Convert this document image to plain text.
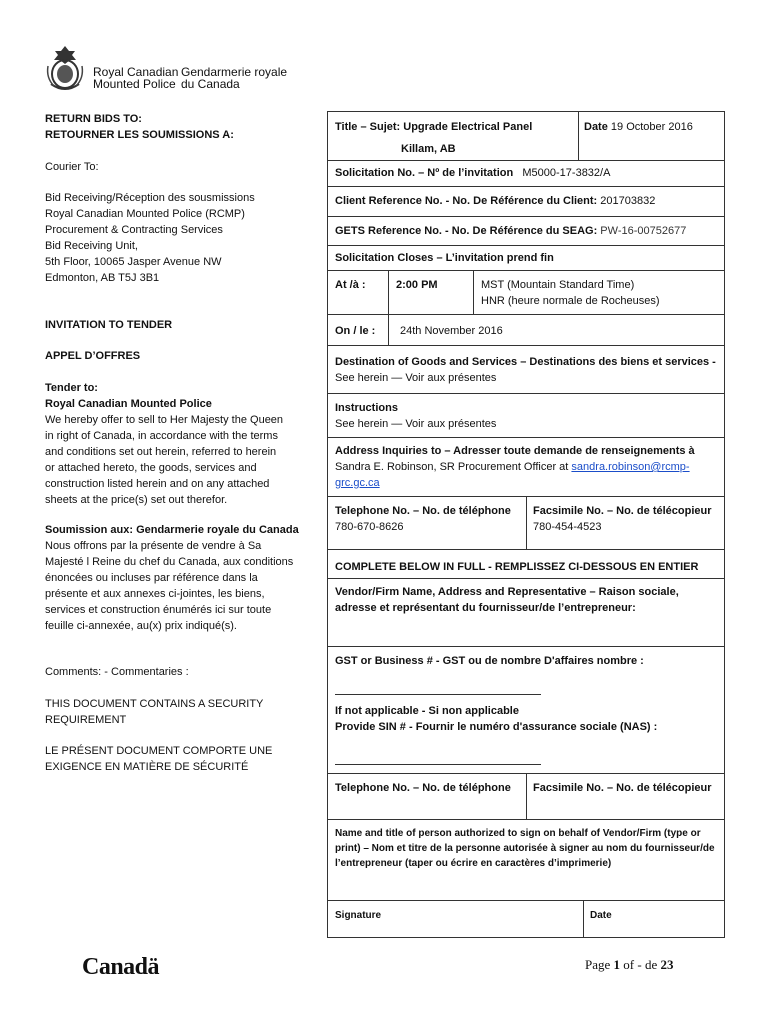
Royal Canadian
Mounted Police
Gendarmerie royale
du Canada
RETURN BIDS TO:
RETOURNER LES SOUMISSIONS A:
Courier To:
Bid Receiving/Réception des sousmissions
Royal Canadian Mounted Police (RCMP)
Procurement & Contracting Services
Bid Receiving Unit,
5th Floor, 10065 Jasper Avenue NW
Edmonton, AB T5J 3B1
INVITATION TO TENDER
APPEL D’OFFRES
Tender to:
Royal Canadian Mounted Police
We hereby offer to sell to Her Majesty the Queen
in right of Canada, in accordance with the terms
and conditions set out herein, referred to herein
or attached hereto, the goods, services and
construction listed herein and on any attached
sheets at the price(s) set out therefor.
Soumission aux: Gendarmerie royale du Canada
Nous offrons par la présente de vendre à Sa
Majesté l Reine du chef du Canada, aux conditions
énoncées ou incluses par référence dans la
présente et aux annexes ci-jointes, les biens,
services et construction énumérés ici sur toute
feuille ci-annexée, au(x) prix indiqué(s).
Comments: - Commentaries :
THIS DOCUMENT CONTAINS A SECURITY
REQUIREMENT
LE PRÉSENT DOCUMENT COMPORTE UNE
EXIGENCE EN MATIÈRE DE SÉCURITÉ
Title – Sujet: Upgrade Electrical Panel
Killam, AB
Date 19 October 2016
Solicitation No. – Nº de l’invitation M5000-17-3832/A
Client Reference No. - No. De Référence du Client: 201703832
GETS Reference No. - No. De Référence du SEAG: PW-16-00752677
Solicitation Closes – L’invitation prend fin
At /à :	2:00 PM	MST (Mountain Standard Time)
HNR (heure normale de Rocheuses)
On / le : 24th November 2016
Destination of Goods and Services – Destinations des biens et services -
See herein — Voir aux présentes
Instructions
See herein — Voir aux présentes
Address Inquiries to – Adresser toute demande de renseignements à
Sandra E. Robinson, SR Procurement Officer at sandra.robinson@rcmp-
grc.gc.ca
Telephone No. – No. de téléphone
780-670-8626
Facsimile No. – No. de télécopieur
780-454-4523
COMPLETE BELOW IN FULL - REMPLISSEZ CI-DESSOUS EN ENTIER
Vendor/Firm Name, Address and Representative – Raison sociale,
adresse et représentant du fournisseur/de l’entrepreneur:
GST or Business # - GST ou de nombre D'affaires nombre :
If not applicable - Si non applicable
Provide SIN # - Fournir le numéro d'assurance sociale (NAS) :
Telephone No. – No. de téléphone Facsimile No. – No. de télécopieur
Name and title of person authorized to sign on behalf of Vendor/Firm (type or
print) – Nom et titre de la personne autorisée à signer au nom du fournisseur/de
l’entrepreneur (taper ou écrire en caractères d’imprimerie)
Signature	Date
Canadä	Page 1 of - de 23
